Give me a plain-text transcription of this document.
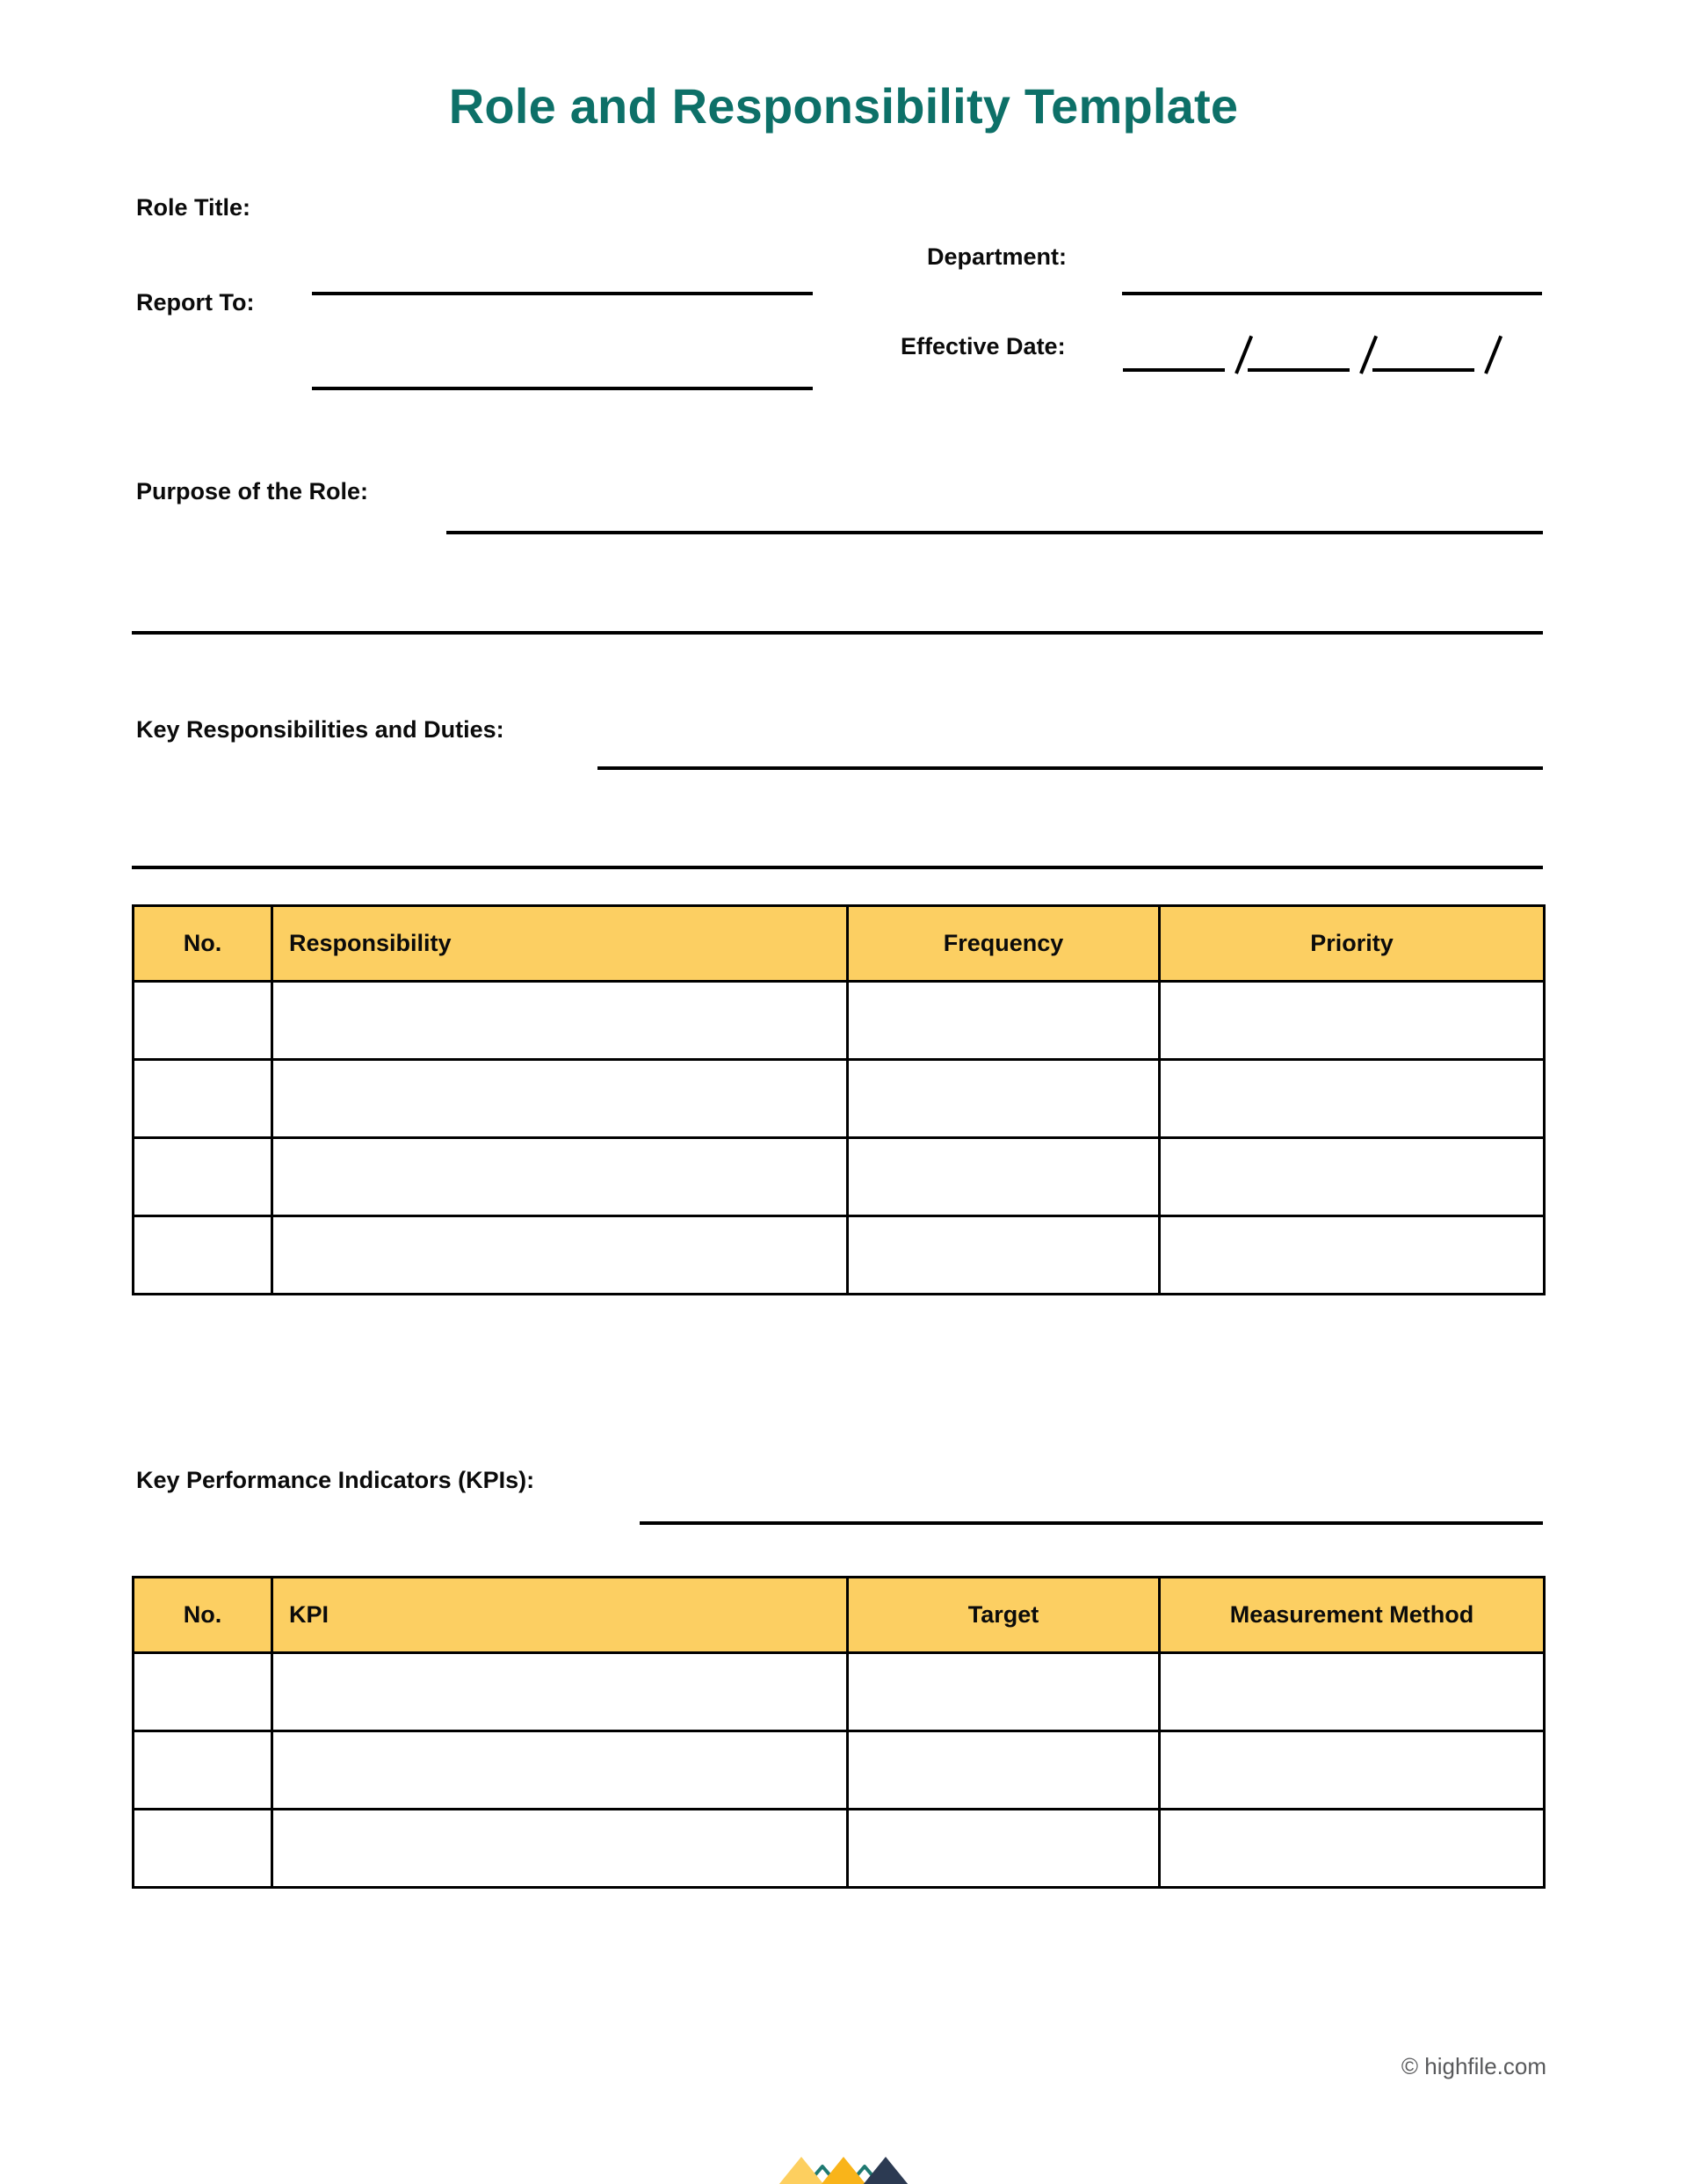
Role and Responsibility Template
Role Title:
Department:
Report To:
Effective Date:
Purpose of the Role:
Key Responsibilities and Duties:
No.	Responsibility	Frequency	Priority

Key Performance Indicators (KPIs):
No.	KPI	Target	Measurement Method

© highfile.com
